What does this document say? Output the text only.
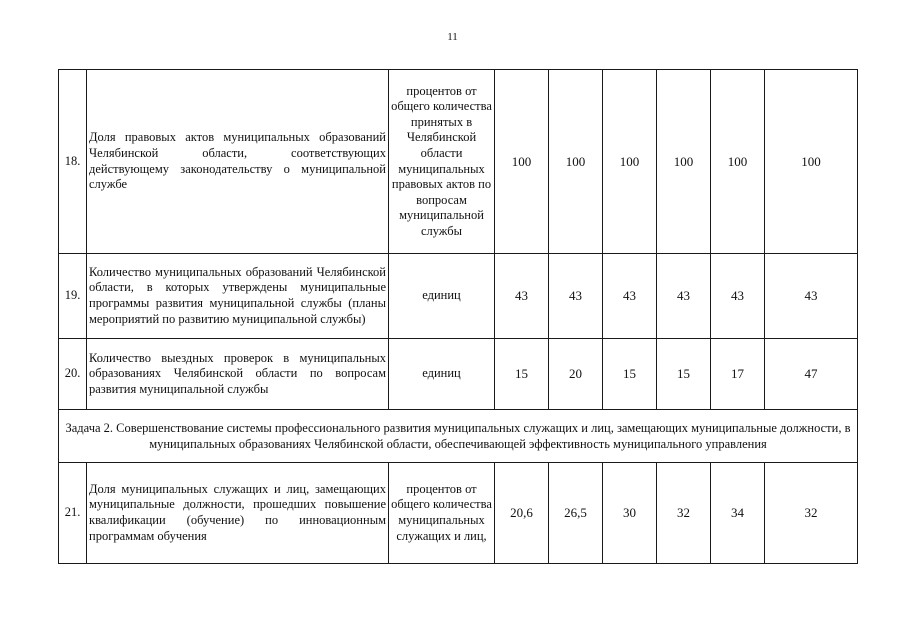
11
18.	Доля правовых актов муниципальных образований Челябинской области, соответствующих действующему законодательству о муниципальной службе	процентов от общего количества принятых в Челябинской области муниципальных правовых актов по вопросам муниципальной службы	100	100	100	100	100	100
19.	Количество муниципальных образований Челябинской области, в которых утверждены муниципальные программы развития муниципальной службы (планы мероприятий по развитию муниципальной службы)	единиц	43	43	43	43	43	43
20.	Количество выездных проверок в муниципальных образованиях Челябинской области по вопросам развития муниципальной службы	единиц	15	20	15	15	17	47
Задача 2. Совершенствование системы профессионального развития муниципальных служащих и лиц, замещающих муниципальные должности, в муниципальных образованиях Челябинской области, обеспечивающей эффективность муниципального управления								
21.	Доля муниципальных служащих и лиц, замещающих муниципальные должности, прошедших повышение квалификации (обучение) по инновационным программам обучения	процентов от общего количества муниципальных служащих и лиц,	20,6	26,5	30	32	34	32
